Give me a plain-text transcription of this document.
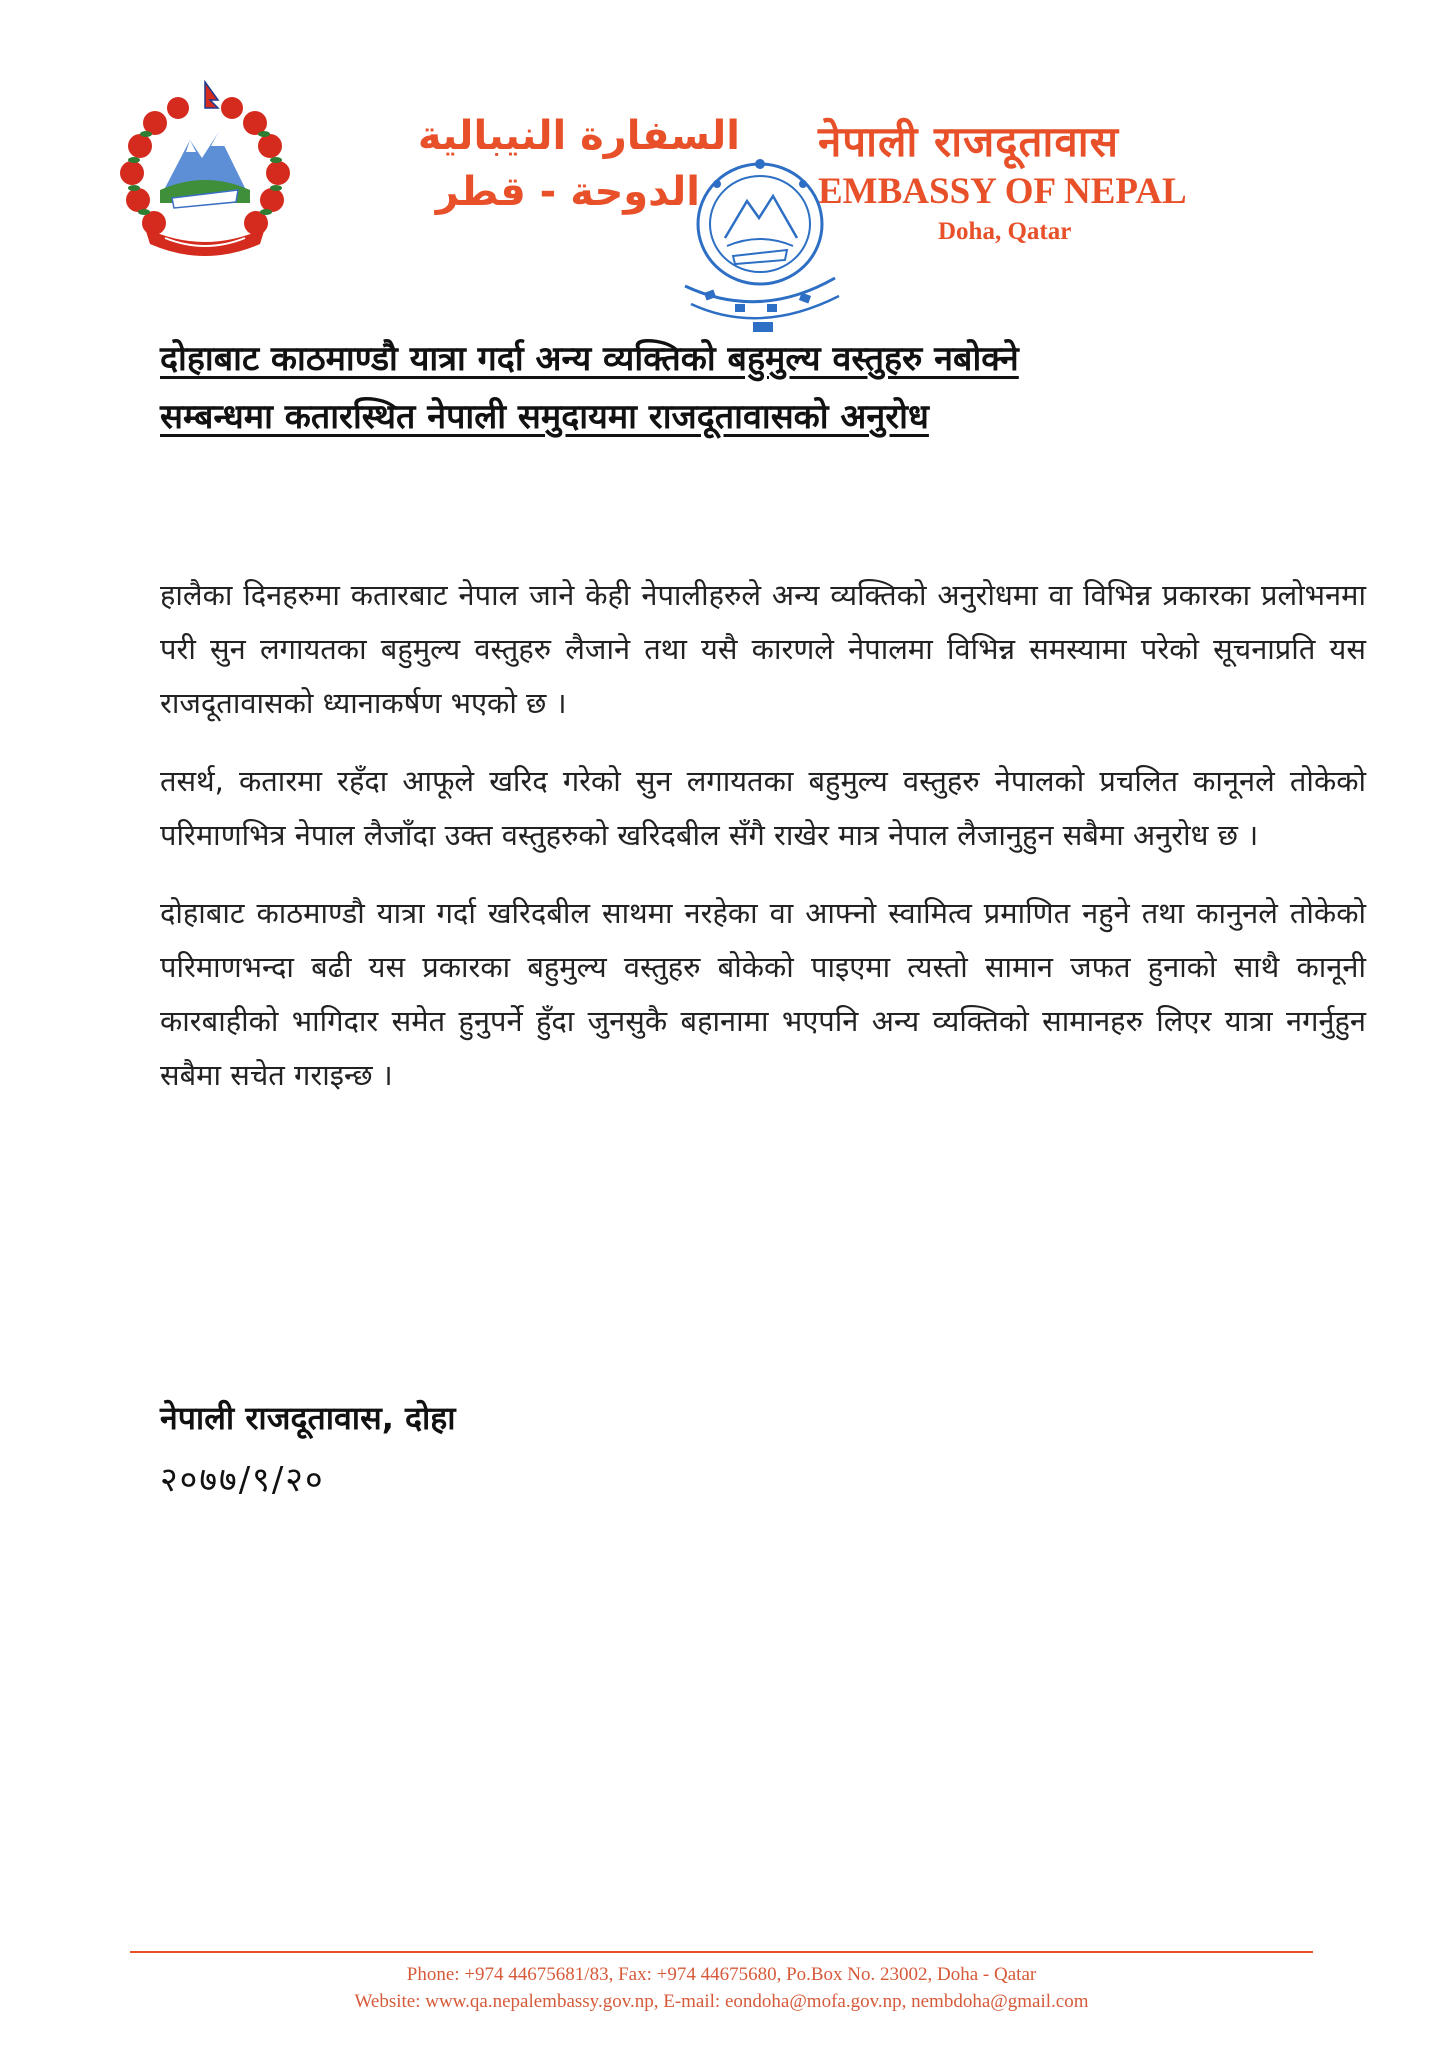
السفارة النيبالية
الدوحة - قطر
नेपाली राजदूतावास
EMBASSY OF NEPAL
Doha, Qatar
दोहाबाट काठमाण्डौ यात्रा गर्दा अन्य व्यक्तिको बहुमुल्य वस्तुहरु नबोक्ने
सम्बन्धमा कतारस्थित नेपाली समुदायमा राजदूतावासको अनुरोध

हालैका दिनहरुमा कतारबाट नेपाल जाने केही नेपालीहरुले अन्य व्यक्तिको अनुरोधमा वा विभिन्न प्रकारका प्रलोभनमा परी सुन लगायतका बहुमुल्य वस्तुहरु लैजाने तथा यसै कारणले नेपालमा विभिन्न समस्यामा परेको सूचनाप्रति यस राजदूतावासको ध्यानाकर्षण भएको छ ।

तसर्थ, कतारमा रहँदा आफूले खरिद गरेको सुन लगायतका बहुमुल्य वस्तुहरु नेपालको प्रचलित कानूनले तोकेको परिमाणभित्र नेपाल लैजाँदा उक्त वस्तुहरुको खरिदबील सँगै राखेर मात्र नेपाल लैजानुहुन सबैमा अनुरोध छ ।

दोहाबाट काठमाण्डौ यात्रा गर्दा खरिदबील साथमा नरहेका वा आफ्नो स्वामित्व प्रमाणित नहुने तथा कानुनले तोकेको परिमाणभन्दा बढी यस प्रकारका बहुमुल्य वस्तुहरु बोकेको पाइएमा त्यस्तो सामान जफत हुनाको साथै कानूनी कारबाहीको भागिदार समेत हुनुपर्ने हुँदा जुनसुकै बहानामा भएपनि अन्य व्यक्तिको सामानहरु लिएर यात्रा नगर्नुहुन सबैमा सचेत गराइन्छ ।

नेपाली राजदूतावास, दोहा
२०७७/९/२०
Phone: +974 44675681/83, Fax: +974 44675680, Po.Box No. 23002, Doha - Qatar
Website: www.qa.nepalembassy.gov.np, E-mail: eondoha@mofa.gov.np, nembdoha@gmail.com
